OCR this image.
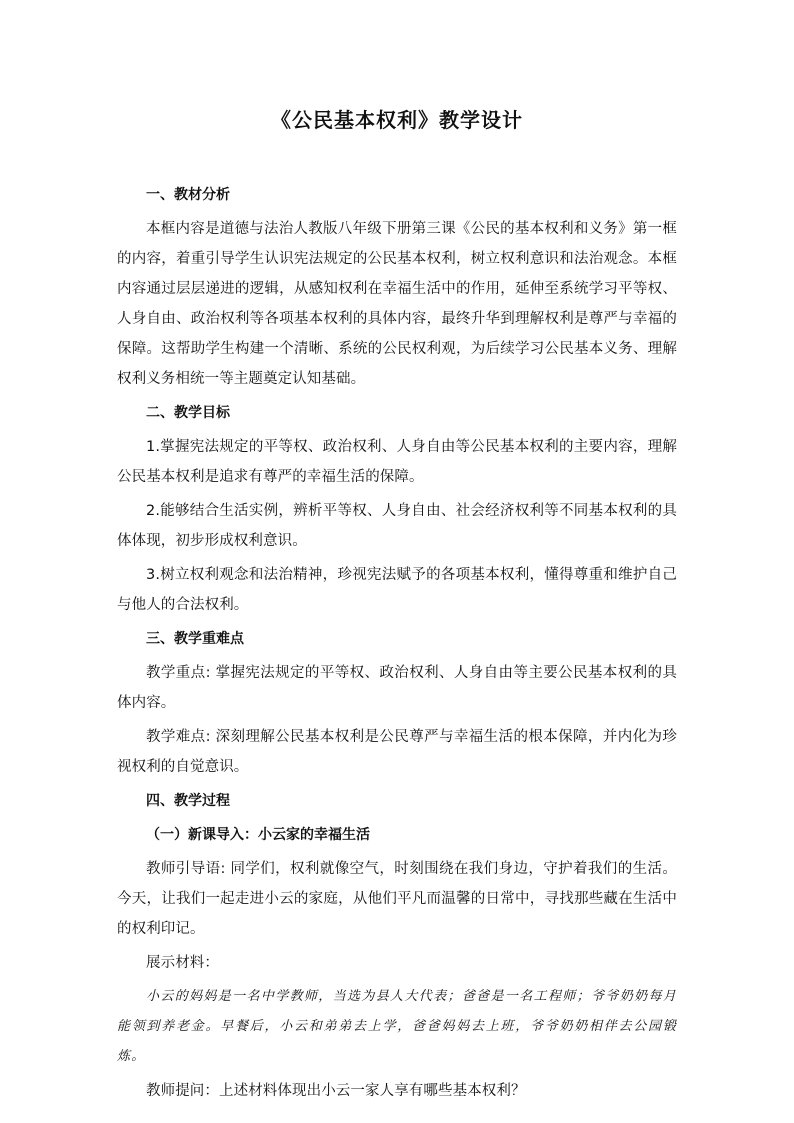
《公民基本权利》教学设计

一、教材分析

本框内容是道德与法治人教版八年级下册第三课《公民的基本权利和义务》第一框的内容，着重引导学生认识宪法规定的公民基本权利，树立权利意识和法治观念。本框内容通过层层递进的逻辑，从感知权利在幸福生活中的作用，延伸至系统学习平等权、人身自由、政治权利等各项基本权利的具体内容，最终升华到理解权利是尊严与幸福的保障。这帮助学生构建一个清晰、系统的公民权利观，为后续学习公民基本义务、理解权利义务相统一等主题奠定认知基础。

二、教学目标

1.掌握宪法规定的平等权、政治权利、人身自由等公民基本权利的主要内容，理解公民基本权利是追求有尊严的幸福生活的保障。

2.能够结合生活实例，辨析平等权、人身自由、社会经济权利等不同基本权利的具体体现，初步形成权利意识。

3.树立权利观念和法治精神，珍视宪法赋予的各项基本权利，懂得尊重和维护自己与他人的合法权利。

三、教学重难点

教学重点: 掌握宪法规定的平等权、政治权利、人身自由等主要公民基本权利的具体内容。

教学难点: 深刻理解公民基本权利是公民尊严与幸福生活的根本保障，并内化为珍视权利的自觉意识。

四、教学过程

（一）新课导入：小云家的幸福生活

教师引导语: 同学们，权利就像空气，时刻围绕在我们身边，守护着我们的生活。今天，让我们一起走进小云的家庭，从他们平凡而温馨的日常中，寻找那些藏在生活中的权利印记。

展示材料：

小云的妈妈是一名中学教师，当选为县人大代表；爸爸是一名工程师；爷爷奶奶每月能领到养老金。早餐后，小云和弟弟去上学，爸爸妈妈去上班，爷爷奶奶相伴去公园锻炼。

教师提问：上述材料体现出小云一家人享有哪些基本权利？
